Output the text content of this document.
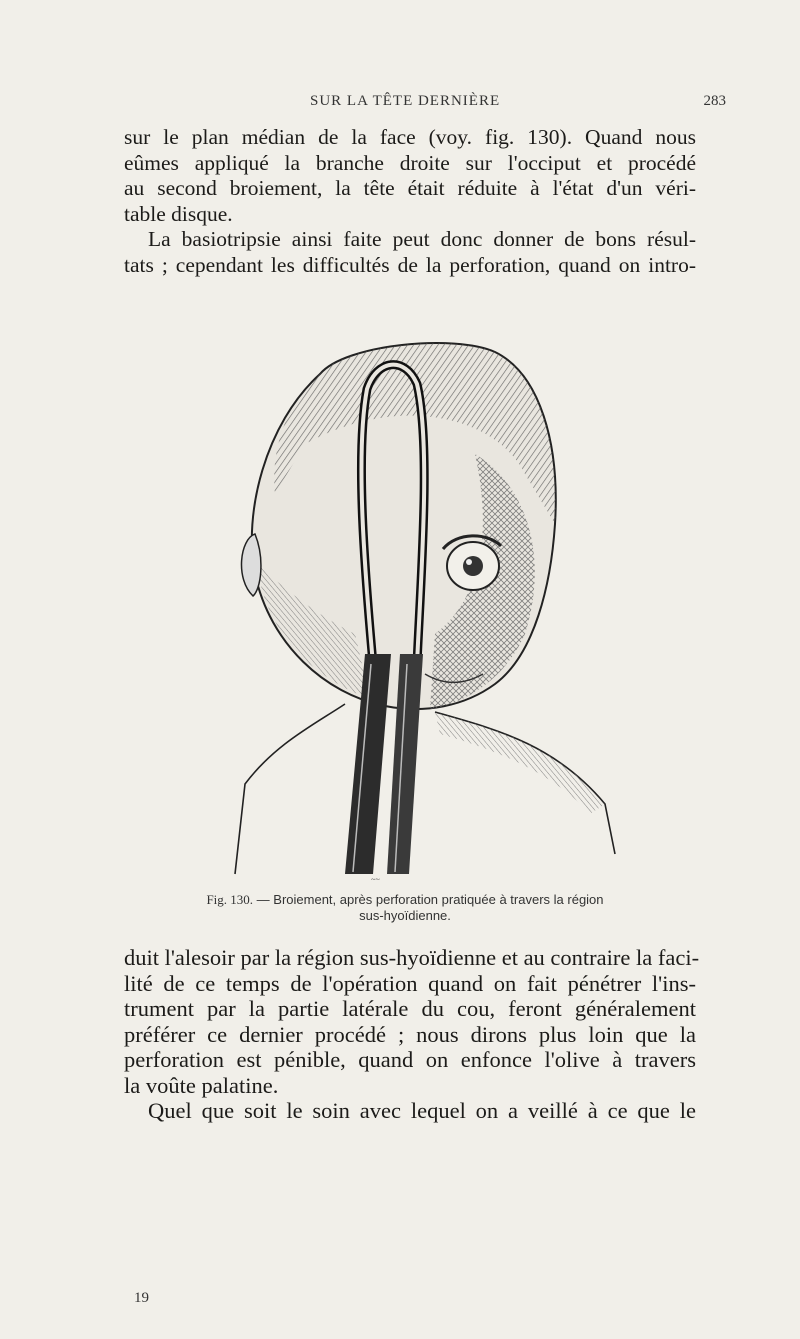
SUR LA TÊTE DERNIÈRE	283
sur le plan médian de la face (voy. fig. 130). Quand nous
eûmes appliqué la branche droite sur l'occiput et procédé
au second broiement, la tête était réduite à l'état d'un véri-
table disque.
La basiotripsie ainsi faite peut donc donner de bons résul-
tats ; cependant les difficultés de la perforation, quand on intro-
~~
Fig. 130. — Broiement, après perforation pratiquée à travers la région
sus-hyoïdienne.
duit l'alesoir par la région sus-hyoïdienne et au contraire la faci-
lité de ce temps de l'opération quand on fait pénétrer l'ins-
trument par la partie latérale du cou, feront généralement
préférer ce dernier procédé ; nous dirons plus loin que la
perforation est pénible, quand on enfonce l'olive à travers
la voûte palatine.
Quel que soit le soin avec lequel on a veillé à ce que le
19
